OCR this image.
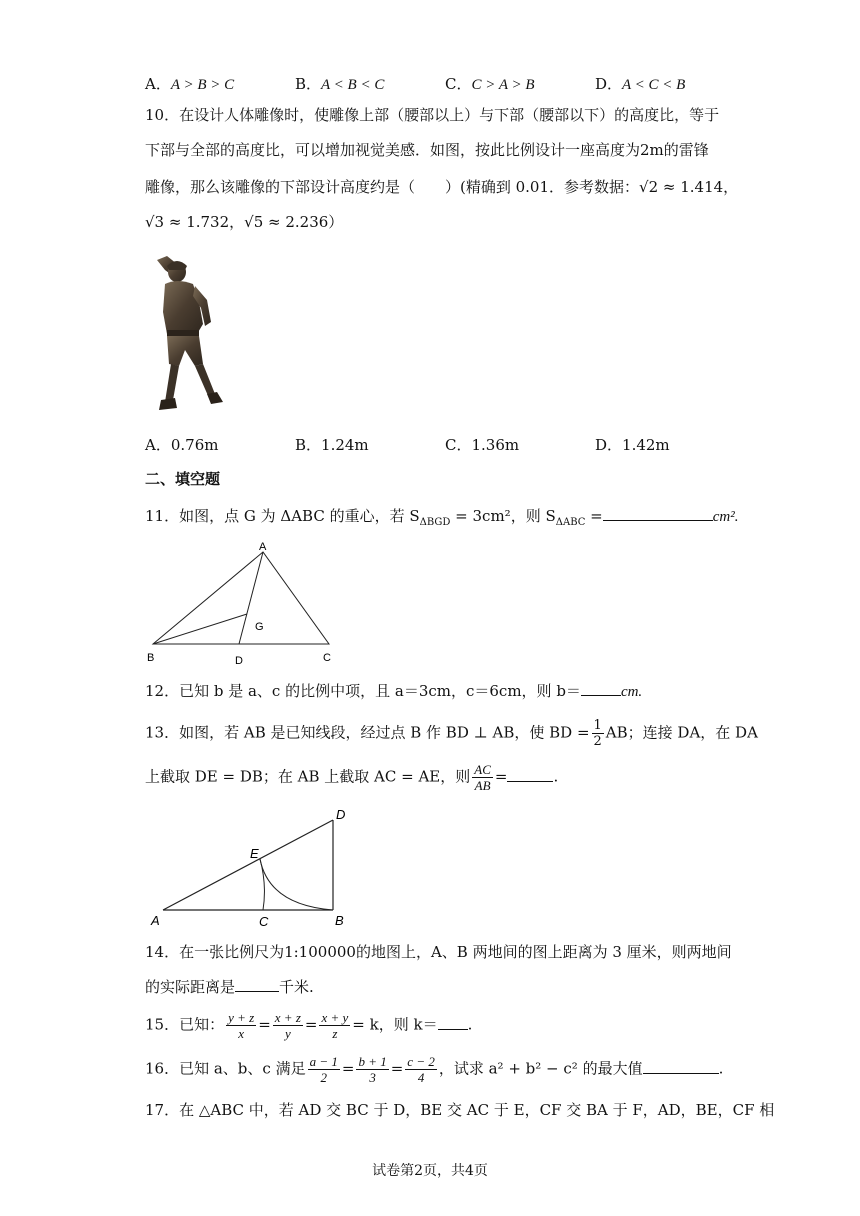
A．A > B > C	B．A < B < C	C．C > A > B	D．A < C < B
10．在设计人体雕像时，使雕像上部（腰部以上）与下部（腰部以下）的高度比，等于
下部与全部的高度比，可以增加视觉美感．如图，按此比例设计一座高度为2m的雷锋
雕像，那么该雕像的下部设计高度约是（　　）(精确到 0.01．参考数据：√2 ≈ 1.414，
√3 ≈ 1.732，√5 ≈ 2.236）
A．0.76m	B．1.24m	C．1.36m	D．1.42m
二、填空题
11．如图，点 G 为 ΔABC 的重心，若 $S_{\Delta BGD} = 3cm^2$，则 $S_{\Delta ABC}$ =	cm².
A
B	C
D
G
12．已知 b 是 a、c 的比例中项，且 a＝3cm，c＝6cm，则 b＝	cm.
13．如图，若 AB 是已知线段，经过点 B 作 BD ⊥ AB，使 BD = $\frac{1}{2}$ AB；连接 DA，在 DA
上截取 DE = DB；在 AB 上截取 AC = AE，则 $\frac{AC}{AB}$ =	.
A	B
C
D
E
14．在一张比例尺为1:100000的地图上，A、B 两地间的图上距离为 3 厘米，则两地间
的实际距离是	千米.
15．已知： $\frac{y + z}{x} = \frac{x + z}{y} = \frac{x + y}{z} = k$，则 k＝ .
16．已知 a、b、c 满足 $\frac{a - 1}{2} = \frac{b + 1}{3} = \frac{c - 2}{4}$ ，试求 a² + b² − c² 的最大值	.
17．在 △ABC 中，若 AD 交 BC 于 D，BE 交 AC 于 E，CF 交 BA 于 F，AD，BE，CF 相
试卷第2页，共4页
